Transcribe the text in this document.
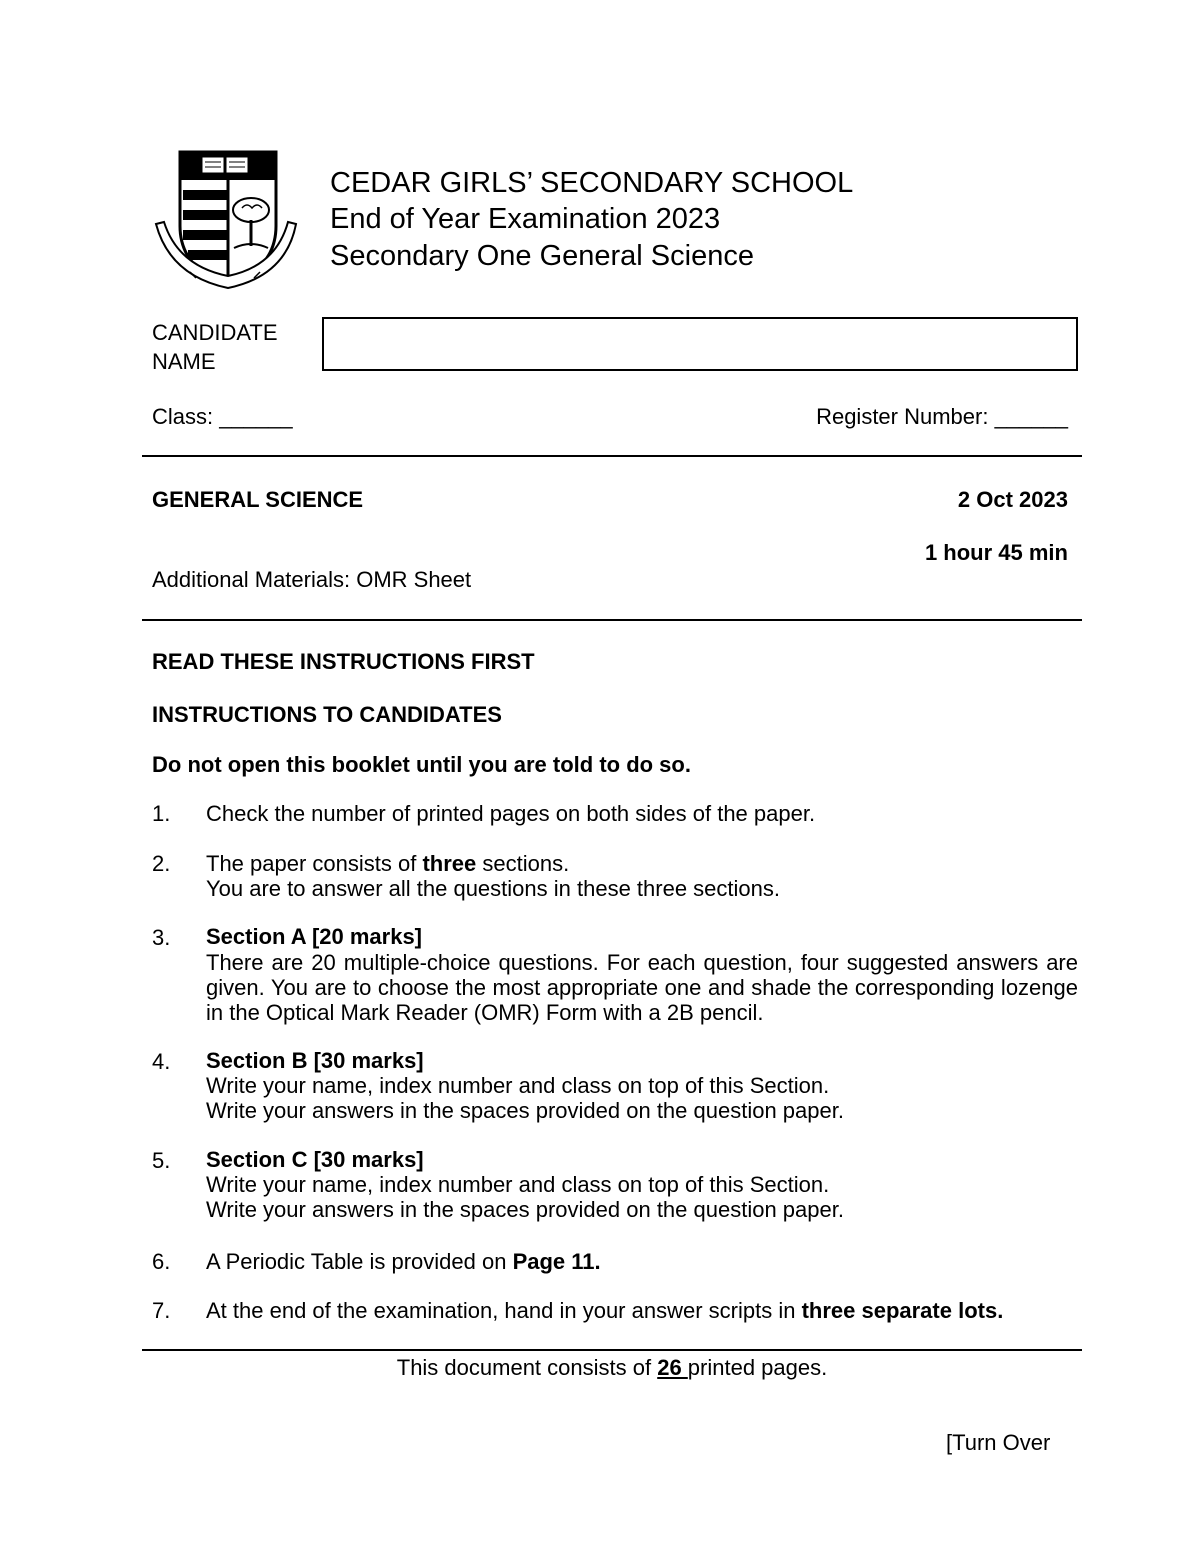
CEDAR GIRLS’ SECONDARY SCHOOL
End of Year Examination 2023
Secondary One General Science
CANDIDATE
NAME
Class: ______	Register Number: ______
GENERAL SCIENCE	2 Oct 2023
1 hour 45 min
Additional Materials: OMR Sheet
READ THESE INSTRUCTIONS FIRST
INSTRUCTIONS TO CANDIDATES
Do not open this booklet until you are told to do so.
1.	Check the number of printed pages on both sides of the paper.
2.	The paper consists of three sections.
You are to answer all the questions in these three sections.
3.	Section A [20 marks]
There are 20 multiple-choice questions. For each question, four suggested answers are given. You are to choose the most appropriate one and shade the corresponding lozenge in the Optical Mark Reader (OMR) Form with a 2B pencil.
4.	Section B [30 marks]
Write your name, index number and class on top of this Section.
Write your answers in the spaces provided on the question paper.
5.	Section C [30 marks]
Write your name, index number and class on top of this Section.
Write your answers in the spaces provided on the question paper.
6.	A Periodic Table is provided on Page 11.
7.	At the end of the examination, hand in your answer scripts in three separate lots.
This document consists of 26 printed pages.
[Turn Over
